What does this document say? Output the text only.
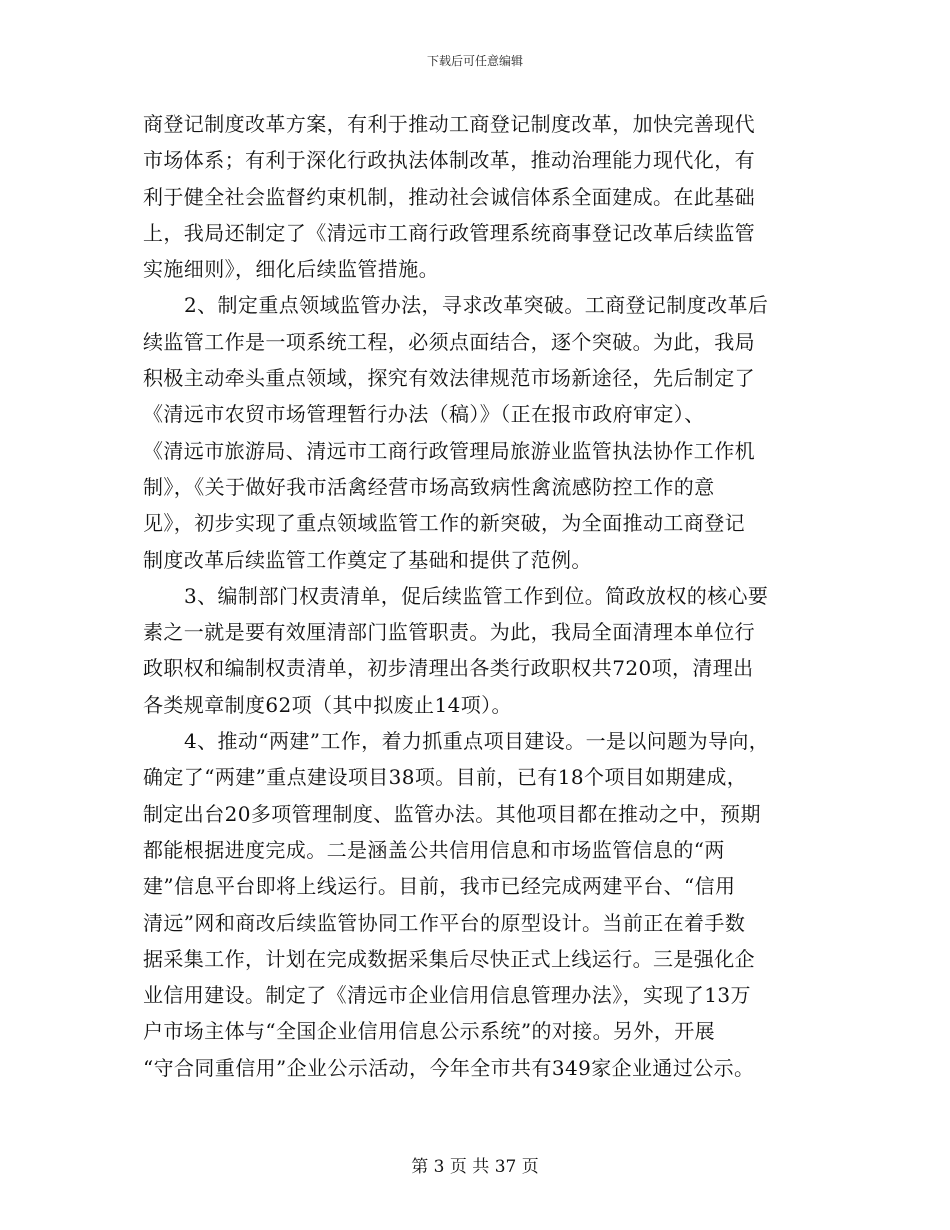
下载后可任意编辑
商登记制度改革方案，有利于推动工商登记制度改革，加快完善现代
市场体系；有利于深化行政执法体制改革，推动治理能力现代化，有
利于健全社会监督约束机制，推动社会诚信体系全面建成。在此基础
上，我局还制定了《清远市工商行政管理系统商事登记改革后续监管
实施细则》，细化后续监管措施。
2、制定重点领域监管办法，寻求改革突破。工商登记制度改革后
续监管工作是一项系统工程，必须点面结合，逐个突破。为此，我局
积极主动牵头重点领域，探究有效法律规范市场新途径，先后制定了
《清远市农贸市场管理暂行办法（稿）》（正在报市政府审定）、
《清远市旅游局、清远市工商行政管理局旅游业监管执法协作工作机
制》，《关于做好我市活禽经营市场高致病性禽流感防控工作的意
见》，初步实现了重点领域监管工作的新突破，为全面推动工商登记
制度改革后续监管工作奠定了基础和提供了范例。
3、编制部门权责清单，促后续监管工作到位。简政放权的核心要
素之一就是要有效厘清部门监管职责。为此，我局全面清理本单位行
政职权和编制权责清单，初步清理出各类行政职权共720项，清理出
各类规章制度62项（其中拟废止14项）。
4、推动“两建”工作，着力抓重点项目建设。一是以问题为导向，
确定了“两建”重点建设项目38项。目前，已有18个项目如期建成，
制定出台20多项管理制度、监管办法。其他项目都在推动之中，预期
都能根据进度完成。二是涵盖公共信用信息和市场监管信息的“两
建”信息平台即将上线运行。目前，我市已经完成两建平台、“信用
清远”网和商改后续监管协同工作平台的原型设计。当前正在着手数
据采集工作，计划在完成数据采集后尽快正式上线运行。三是强化企
业信用建设。制定了《清远市企业信用信息管理办法》，实现了13万
户市场主体与“全国企业信用信息公示系统”的对接。另外，开展
“守合同重信用”企业公示活动，今年全市共有349家企业通过公示。
第 3 页 共 37 页
